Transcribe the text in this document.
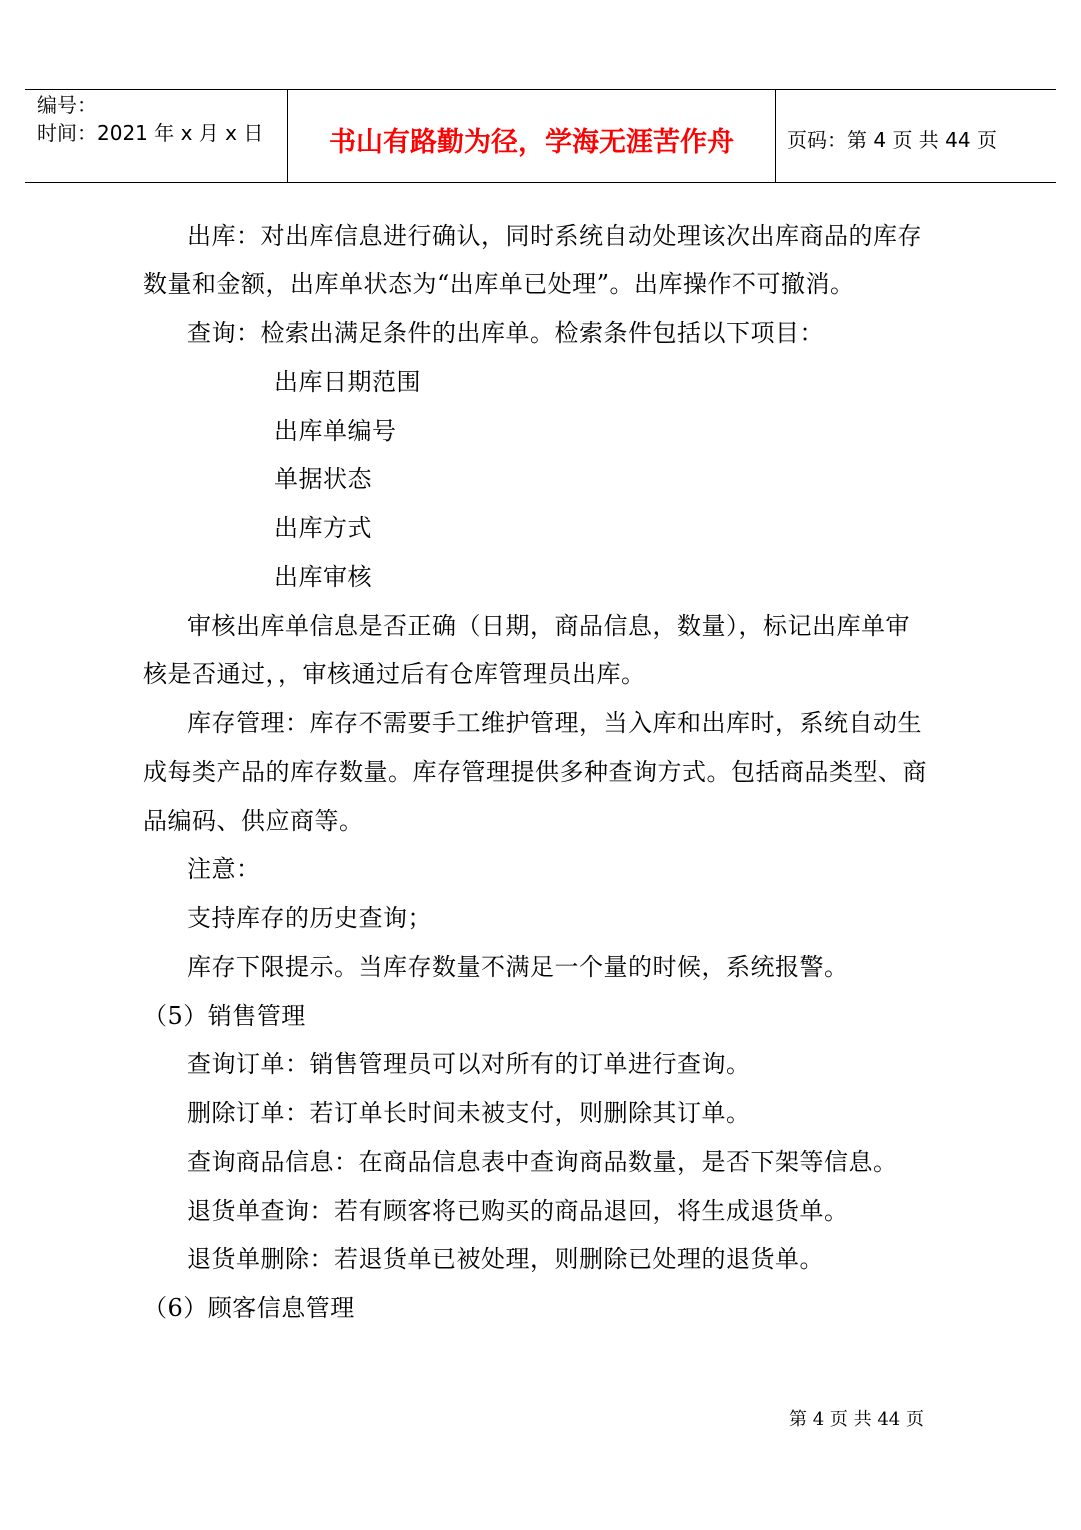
编号：
时间：2021 年 x 月 x 日	书山有路勤为径，学海无涯苦作舟	页码：第 4 页 共 44 页
出库：对出库信息进行确认，同时系统自动处理该次出库商品的库存
数量和金额，出库单状态为“出库单已处理”。出库操作不可撤消。
查询：检索出满足条件的出库单。检索条件包括以下项目：
出库日期范围
出库单编号
单据状态
出库方式
出库审核
审核出库单信息是否正确（日期，商品信息，数量），标记出库单审
核是否通过，，审核通过后有仓库管理员出库。
库存管理：库存不需要手工维护管理，当入库和出库时，系统自动生
成每类产品的库存数量。库存管理提供多种查询方式。包括商品类型、商
品编码、供应商等。
注意：
支持库存的历史查询；
库存下限提示。当库存数量不满足一个量的时候，系统报警。
（5）销售管理
查询订单：销售管理员可以对所有的订单进行查询。
删除订单：若订单长时间未被支付，则删除其订单。
查询商品信息：在商品信息表中查询商品数量，是否下架等信息。
退货单查询：若有顾客将已购买的商品退回，将生成退货单。
退货单删除：若退货单已被处理，则删除已处理的退货单。
（6）顾客信息管理
第 4 页 共 44 页
